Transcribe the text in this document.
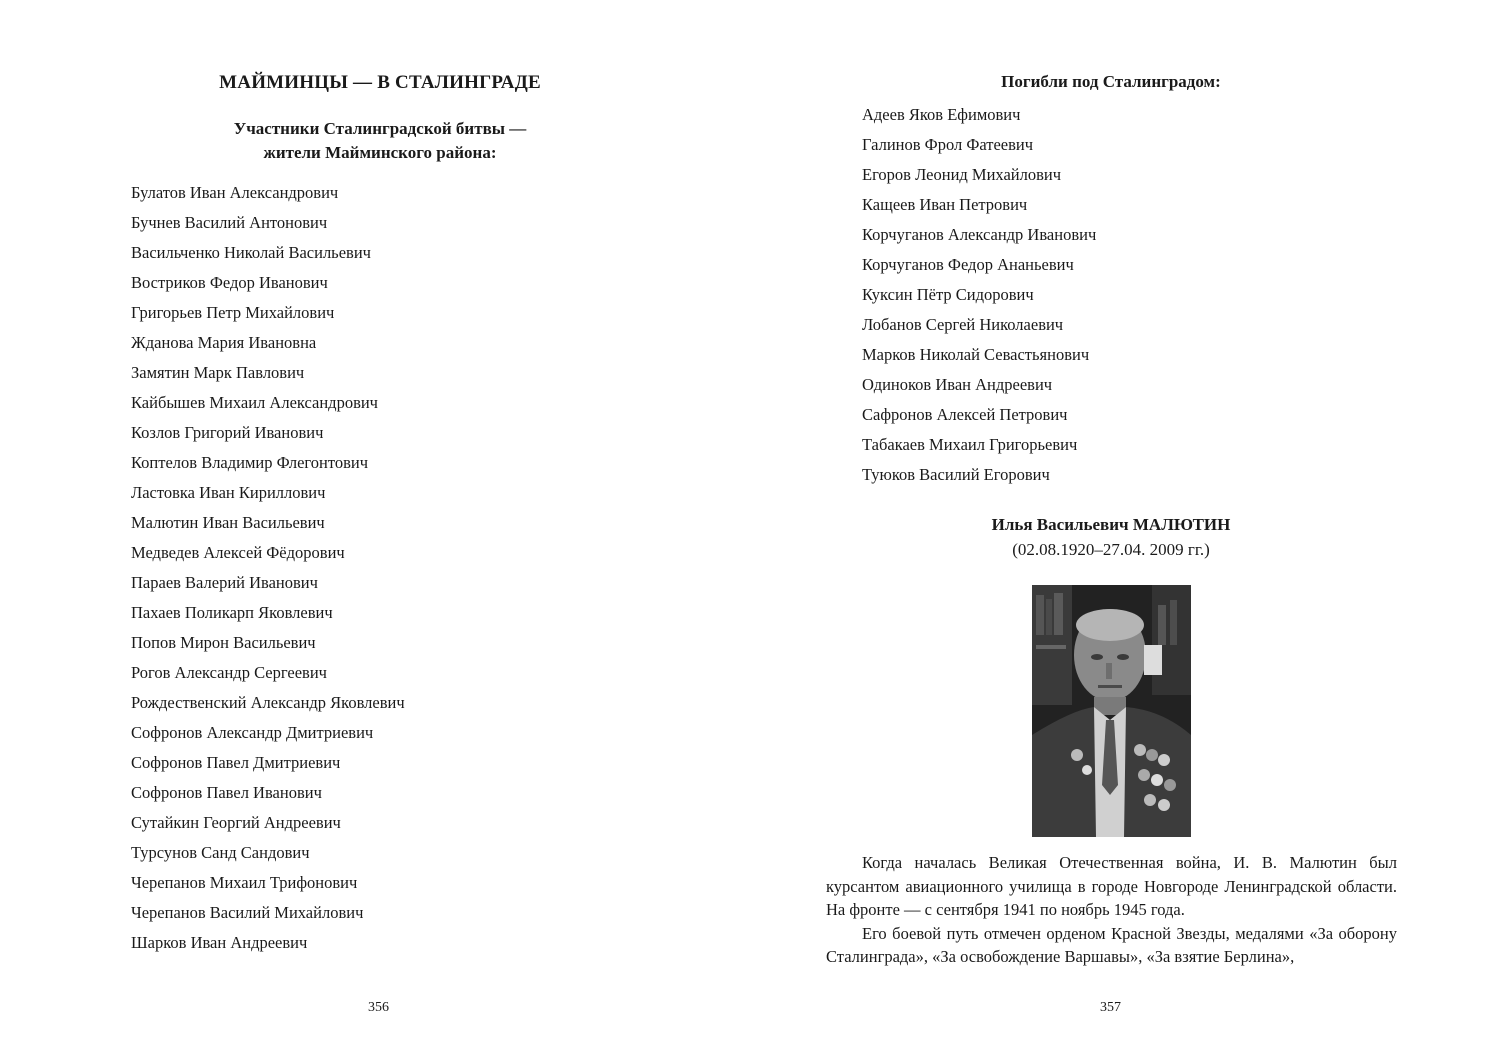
МАЙМИНЦЫ — В СТАЛИНГРАДЕ
Участники Сталинградской битвы —
жители Майминского района:
Булатов Иван Александрович
Бучнев Василий Антонович
Васильченко Николай Васильевич
Востриков Федор Иванович
Григорьев Петр Михайлович
Жданова Мария Ивановна
Замятин Марк Павлович
Кайбышев Михаил Александрович
Козлов Григорий Иванович
Коптелов Владимир Флегонтович
Ластовка Иван Кириллович
Малютин Иван Васильевич
Медведев Алексей Фёдорович
Параев Валерий Иванович
Пахаев Поликарп Яковлевич
Попов Мирон Васильевич
Рогов Александр Сергеевич
Рождественский Александр Яковлевич
Софронов Александр Дмитриевич
Софронов Павел Дмитриевич
Софронов Павел Иванович
Сутайкин Георгий Андреевич
Турсунов Санд Сандович
Черепанов Михаил Трифонович
Черепанов Василий Михайлович
Шарков Иван Андреевич
356
Погибли под Сталинградом:
Адеев Яков Ефимович
Галинов Фрол Фатеевич
Егоров Леонид Михайлович
Кащеев Иван Петрович
Корчуганов Александр Иванович
Корчуганов Федор Ананьевич
Куксин Пётр Сидорович
Лобанов Сергей Николаевич
Марков Николай Севастьянович
Одиноков Иван Андреевич
Сафронов Алексей Петрович
Табакаев Михаил Григорьевич
Туюков Василий Егорович
Илья Васильевич МАЛЮТИН
(02.08.1920–27.04. 2009 гг.)

Когда началась Великая Отечественная война, И. В. Малютин был курсантом авиационного училища в городе Новгороде Ленинградской области. На фронте — с сентября 1941 по ноябрь 1945 года.

Его боевой путь отмечен орденом Красной Звезды, медалями «За оборону Сталинграда», «За освобождение Варшавы», «За взятие Берлина»,

357
